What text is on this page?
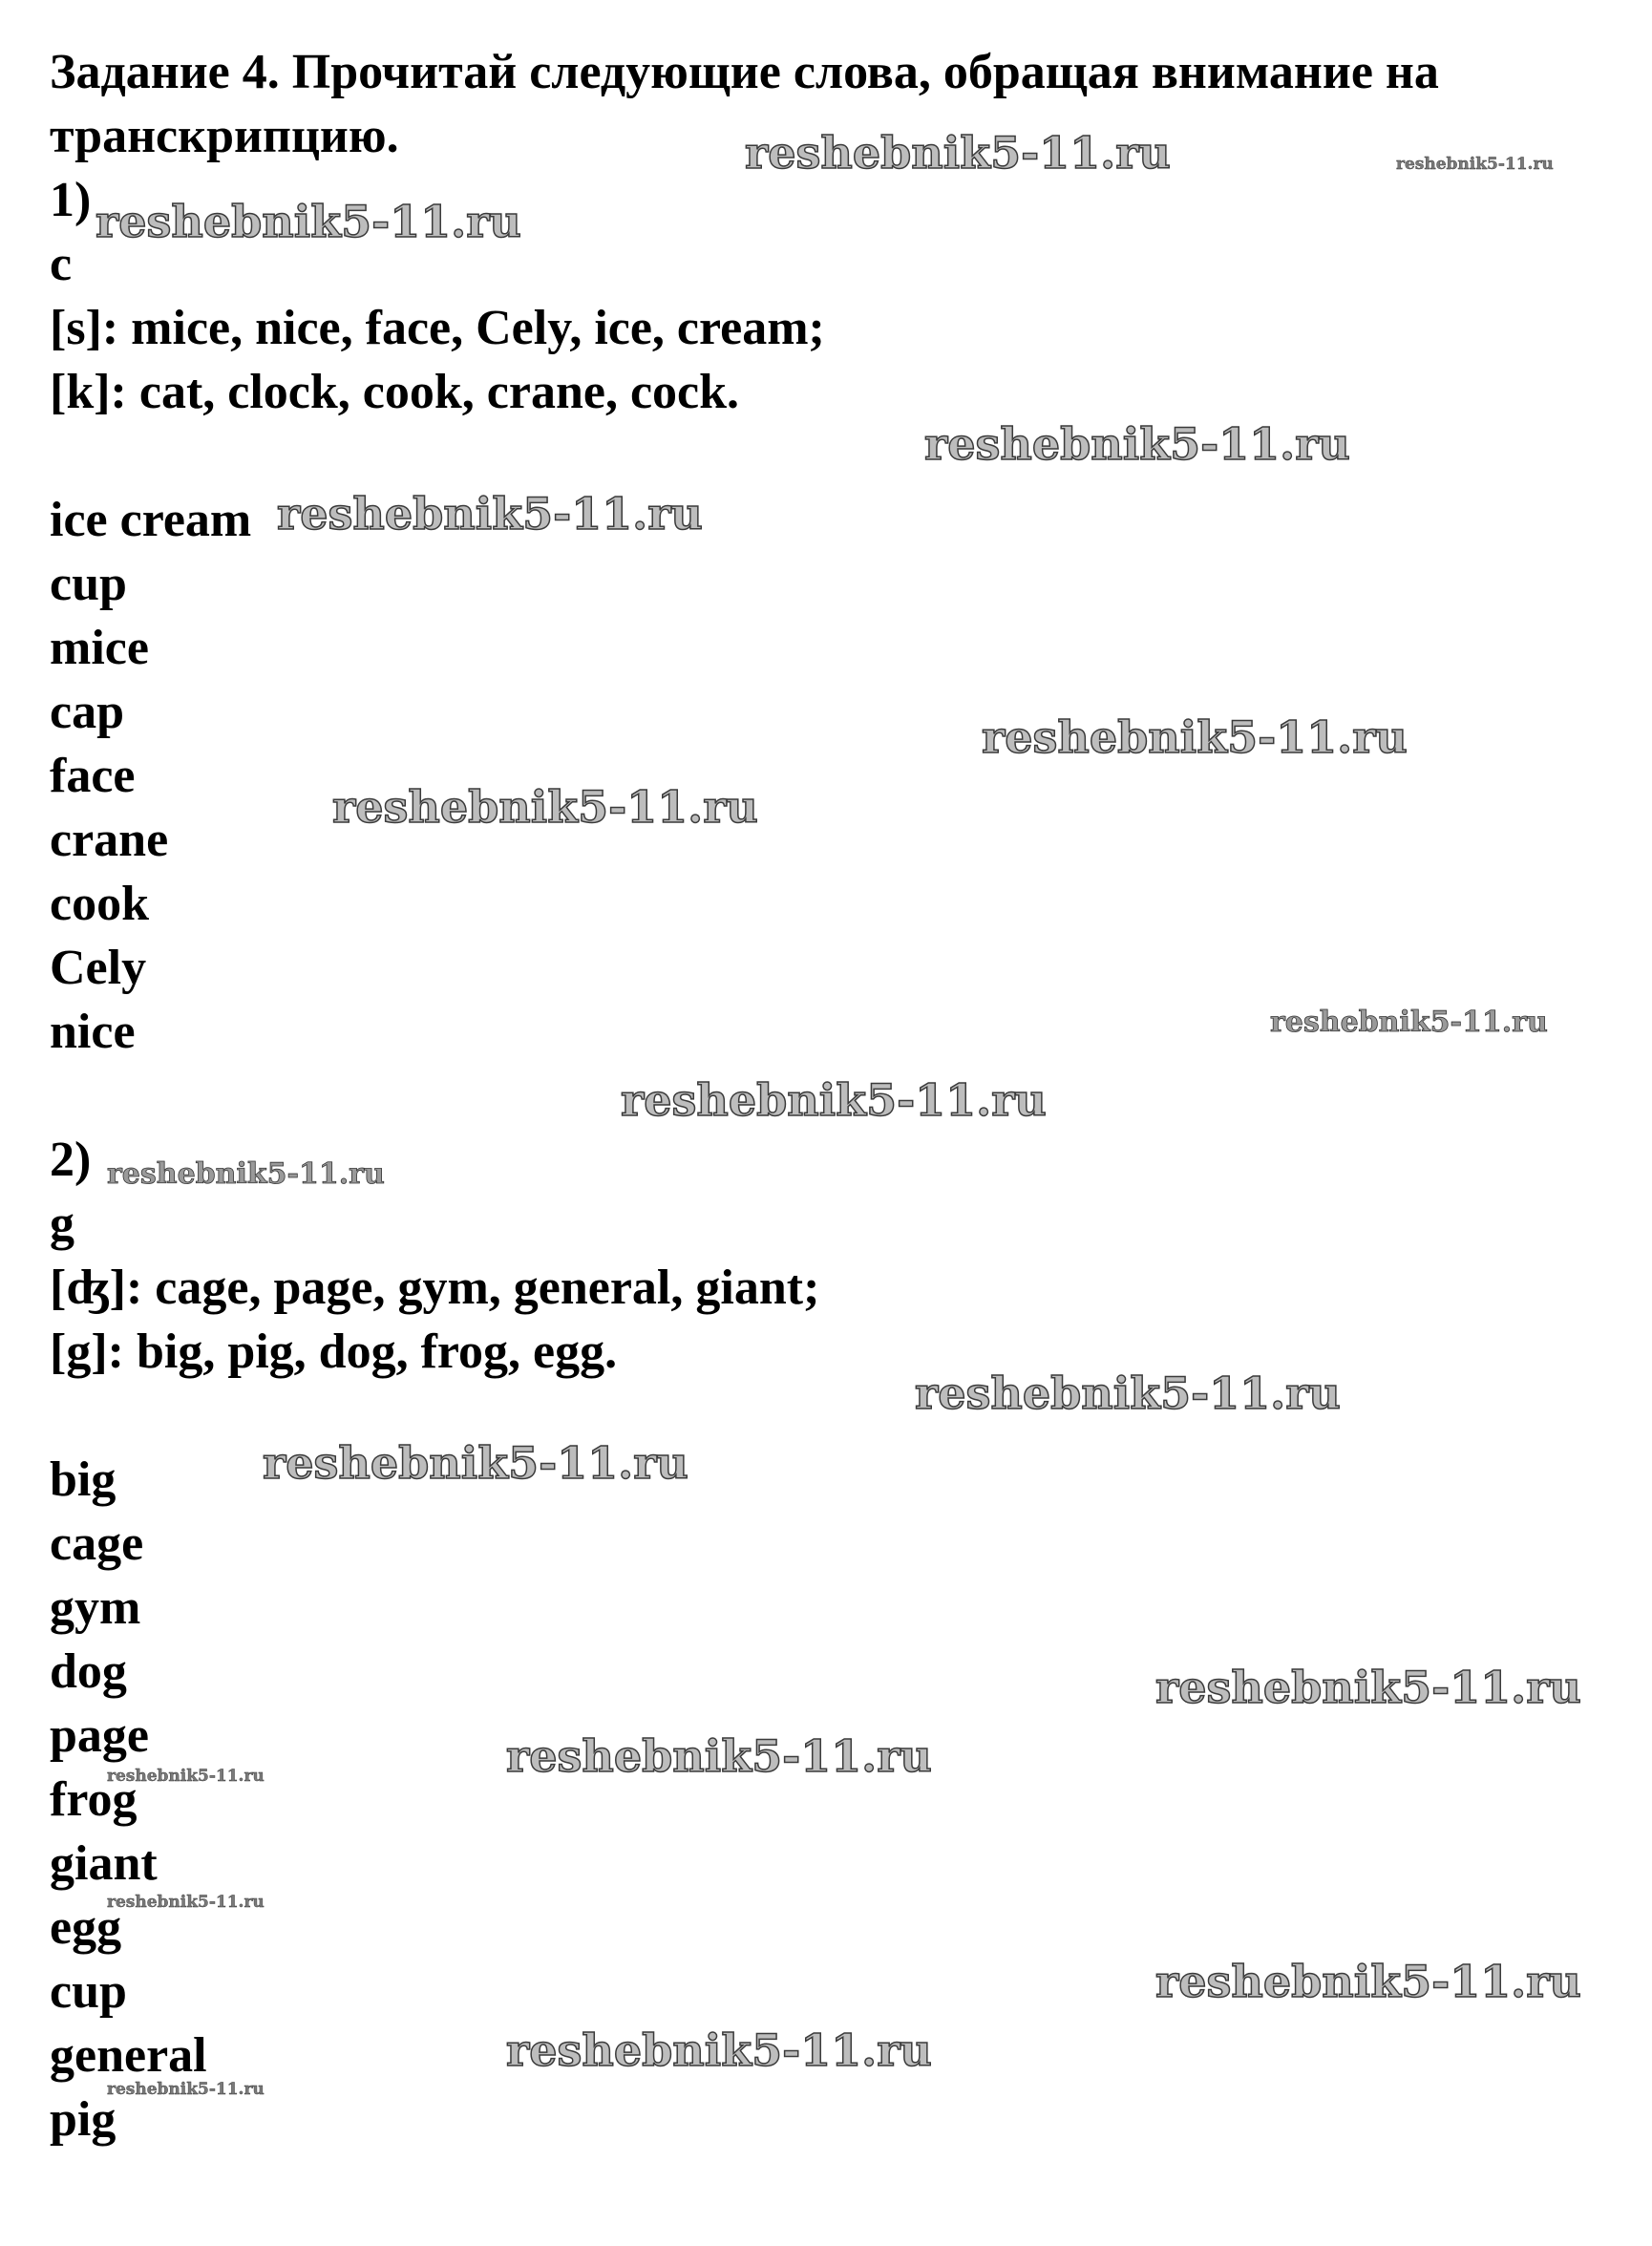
Задание 4. Прочитай следующие слова, обращая внимание на

транскрипцию.

1)

c

[s]: mice, nice, face, Cely, ice, cream;

[k]: cat, clock, cook, crane, cock.

ice cream

cup

mice

cap

face

crane

cook

Cely

nice

2)

g

[ʤ]: cage, page, gym, general, giant;

[g]: big, pig, dog, frog, egg.

big

cage

gym

dog

page

frog

giant

egg

cup

general

pig

reshebnik5-11.ru	reshebnik5-11.ru
reshebnik5-11.ru
reshebnik5-11.ru
reshebnik5-11.ru
reshebnik5-11.ru
reshebnik5-11.ru
reshebnik5-11.ru
reshebnik5-11.ru
reshebnik5-11.ru
reshebnik5-11.ru
reshebnik5-11.ru
reshebnik5-11.ru
reshebnik5-11.ru
reshebnik5-11.ru
reshebnik5-11.ru
reshebnik5-11.ru
reshebnik5-11.ru
reshebnik5-11.ru
